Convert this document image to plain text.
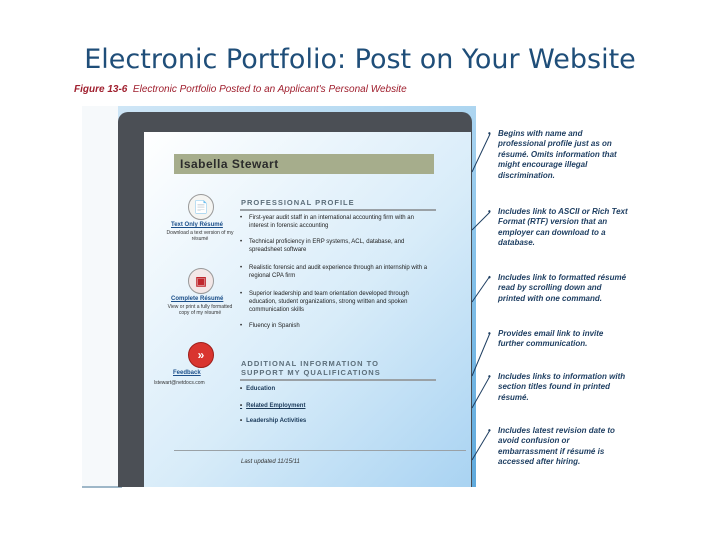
Electronic Portfolio: Post on Your Website
Figure 13-6 Electronic Portfolio Posted to an Applicant's Personal Website
Isabella Stewart
PROFESSIONAL PROFILE
•	First-year audit staff in an international accounting firm with an interest in forensic accounting
•	Technical proficiency in ERP systems, ACL, database, and spreadsheet software
•	Realistic forensic and audit experience through an internship with a regional CPA firm
•	Superior leadership and team orientation developed through education, student organizations, strong written and spoken communication skills
•	Fluency in Spanish
ADDITIONAL INFORMATION TO
SUPPORT MY QUALIFICATIONS
• Education
• Related Employment
• Leadership Activities
📄
Text Only Résumé
Download a text version of my résumé
▣
Complete Résumé
View or print a fully formatted copy of my résumé
»
Feedback
lstewart@netdocs.com
Last updated 11/15/11
• Begins with name and professional profile just as on résumé. Omits information that might encourage illegal discrimination.
• Includes link to ASCII or Rich Text Format (RTF) version that an employer can download to a database.
• Includes link to formatted résumé read by scrolling down and printed with one command.
• Provides email link to invite further communication.
• Includes links to information with section titles found in printed résumé.
• Includes latest revision date to avoid confusion or embarrassment if résumé is accessed after hiring.
